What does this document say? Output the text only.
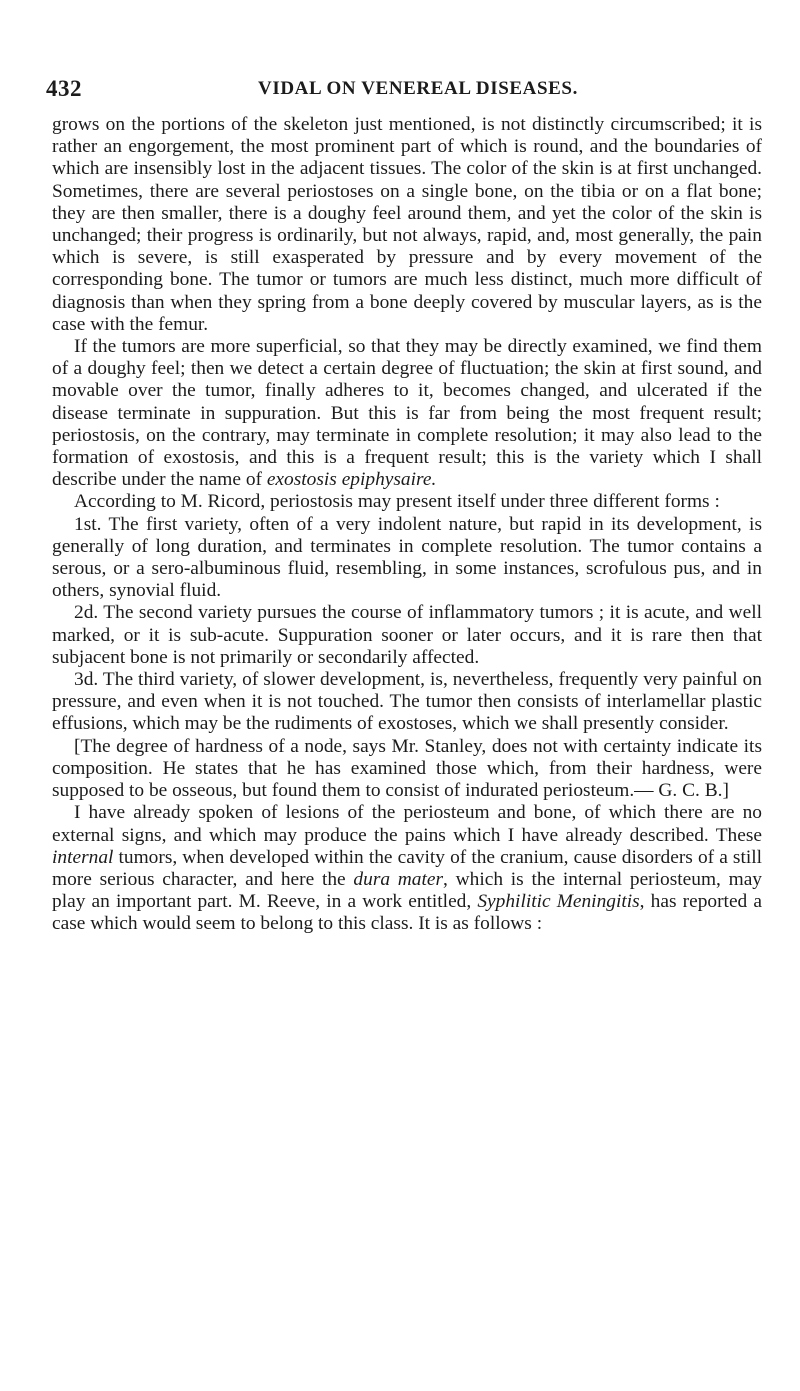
432	VIDAL ON VENEREAL DISEASES.

grows on the portions of the skeleton just mentioned, is not distinctly circumscribed; it is rather an engorgement, the most prominent part of which is round, and the boundaries of which are insensibly lost in the adjacent tissues. The color of the skin is at first unchanged. Sometimes, there are several periostoses on a single bone, on the tibia or on a flat bone; they are then smaller, there is a doughy feel around them, and yet the color of the skin is unchanged; their progress is ordinarily, but not always, rapid, and, most generally, the pain which is severe, is still exasperated by pressure and by every movement of the corresponding bone. The tumor or tumors are much less distinct, much more difficult of diagnosis than when they spring from a bone deeply covered by muscular layers, as is the case with the femur.

If the tumors are more superficial, so that they may be directly examined, we find them of a doughy feel; then we detect a certain degree of fluctuation; the skin at first sound, and movable over the tumor, finally adheres to it, becomes changed, and ulcerated if the disease terminate in suppuration. But this is far from being the most frequent result; periostosis, on the contrary, may terminate in complete resolution; it may also lead to the formation of exostosis, and this is a frequent result; this is the variety which I shall describe under the name of exostosis epiphysaire.

According to M. Ricord, periostosis may present itself under three different forms :

1st. The first variety, often of a very indolent nature, but rapid in its development, is generally of long duration, and terminates in complete resolution. The tumor contains a serous, or a sero-albuminous fluid, resembling, in some instances, scrofulous pus, and in others, synovial fluid.

2d. The second variety pursues the course of inflammatory tumors ; it is acute, and well marked, or it is sub-acute. Suppuration sooner or later occurs, and it is rare then that subjacent bone is not primarily or secondarily affected.

3d. The third variety, of slower development, is, nevertheless, frequently very painful on pressure, and even when it is not touched. The tumor then consists of interlamellar plastic effusions, which may be the rudiments of exostoses, which we shall presently consider.

[The degree of hardness of a node, says Mr. Stanley, does not with certainty indicate its composition. He states that he has examined those which, from their hardness, were supposed to be osseous, but found them to consist of indurated periosteum.— G. C. B.]

I have already spoken of lesions of the periosteum and bone, of which there are no external signs, and which may produce the pains which I have already described. These internal tumors, when developed within the cavity of the cranium, cause disorders of a still more serious character, and here the dura mater, which is the internal periosteum, may play an important part. M. Reeve, in a work entitled, Syphilitic Meningitis, has reported a case which would seem to belong to this class. It is as follows :
